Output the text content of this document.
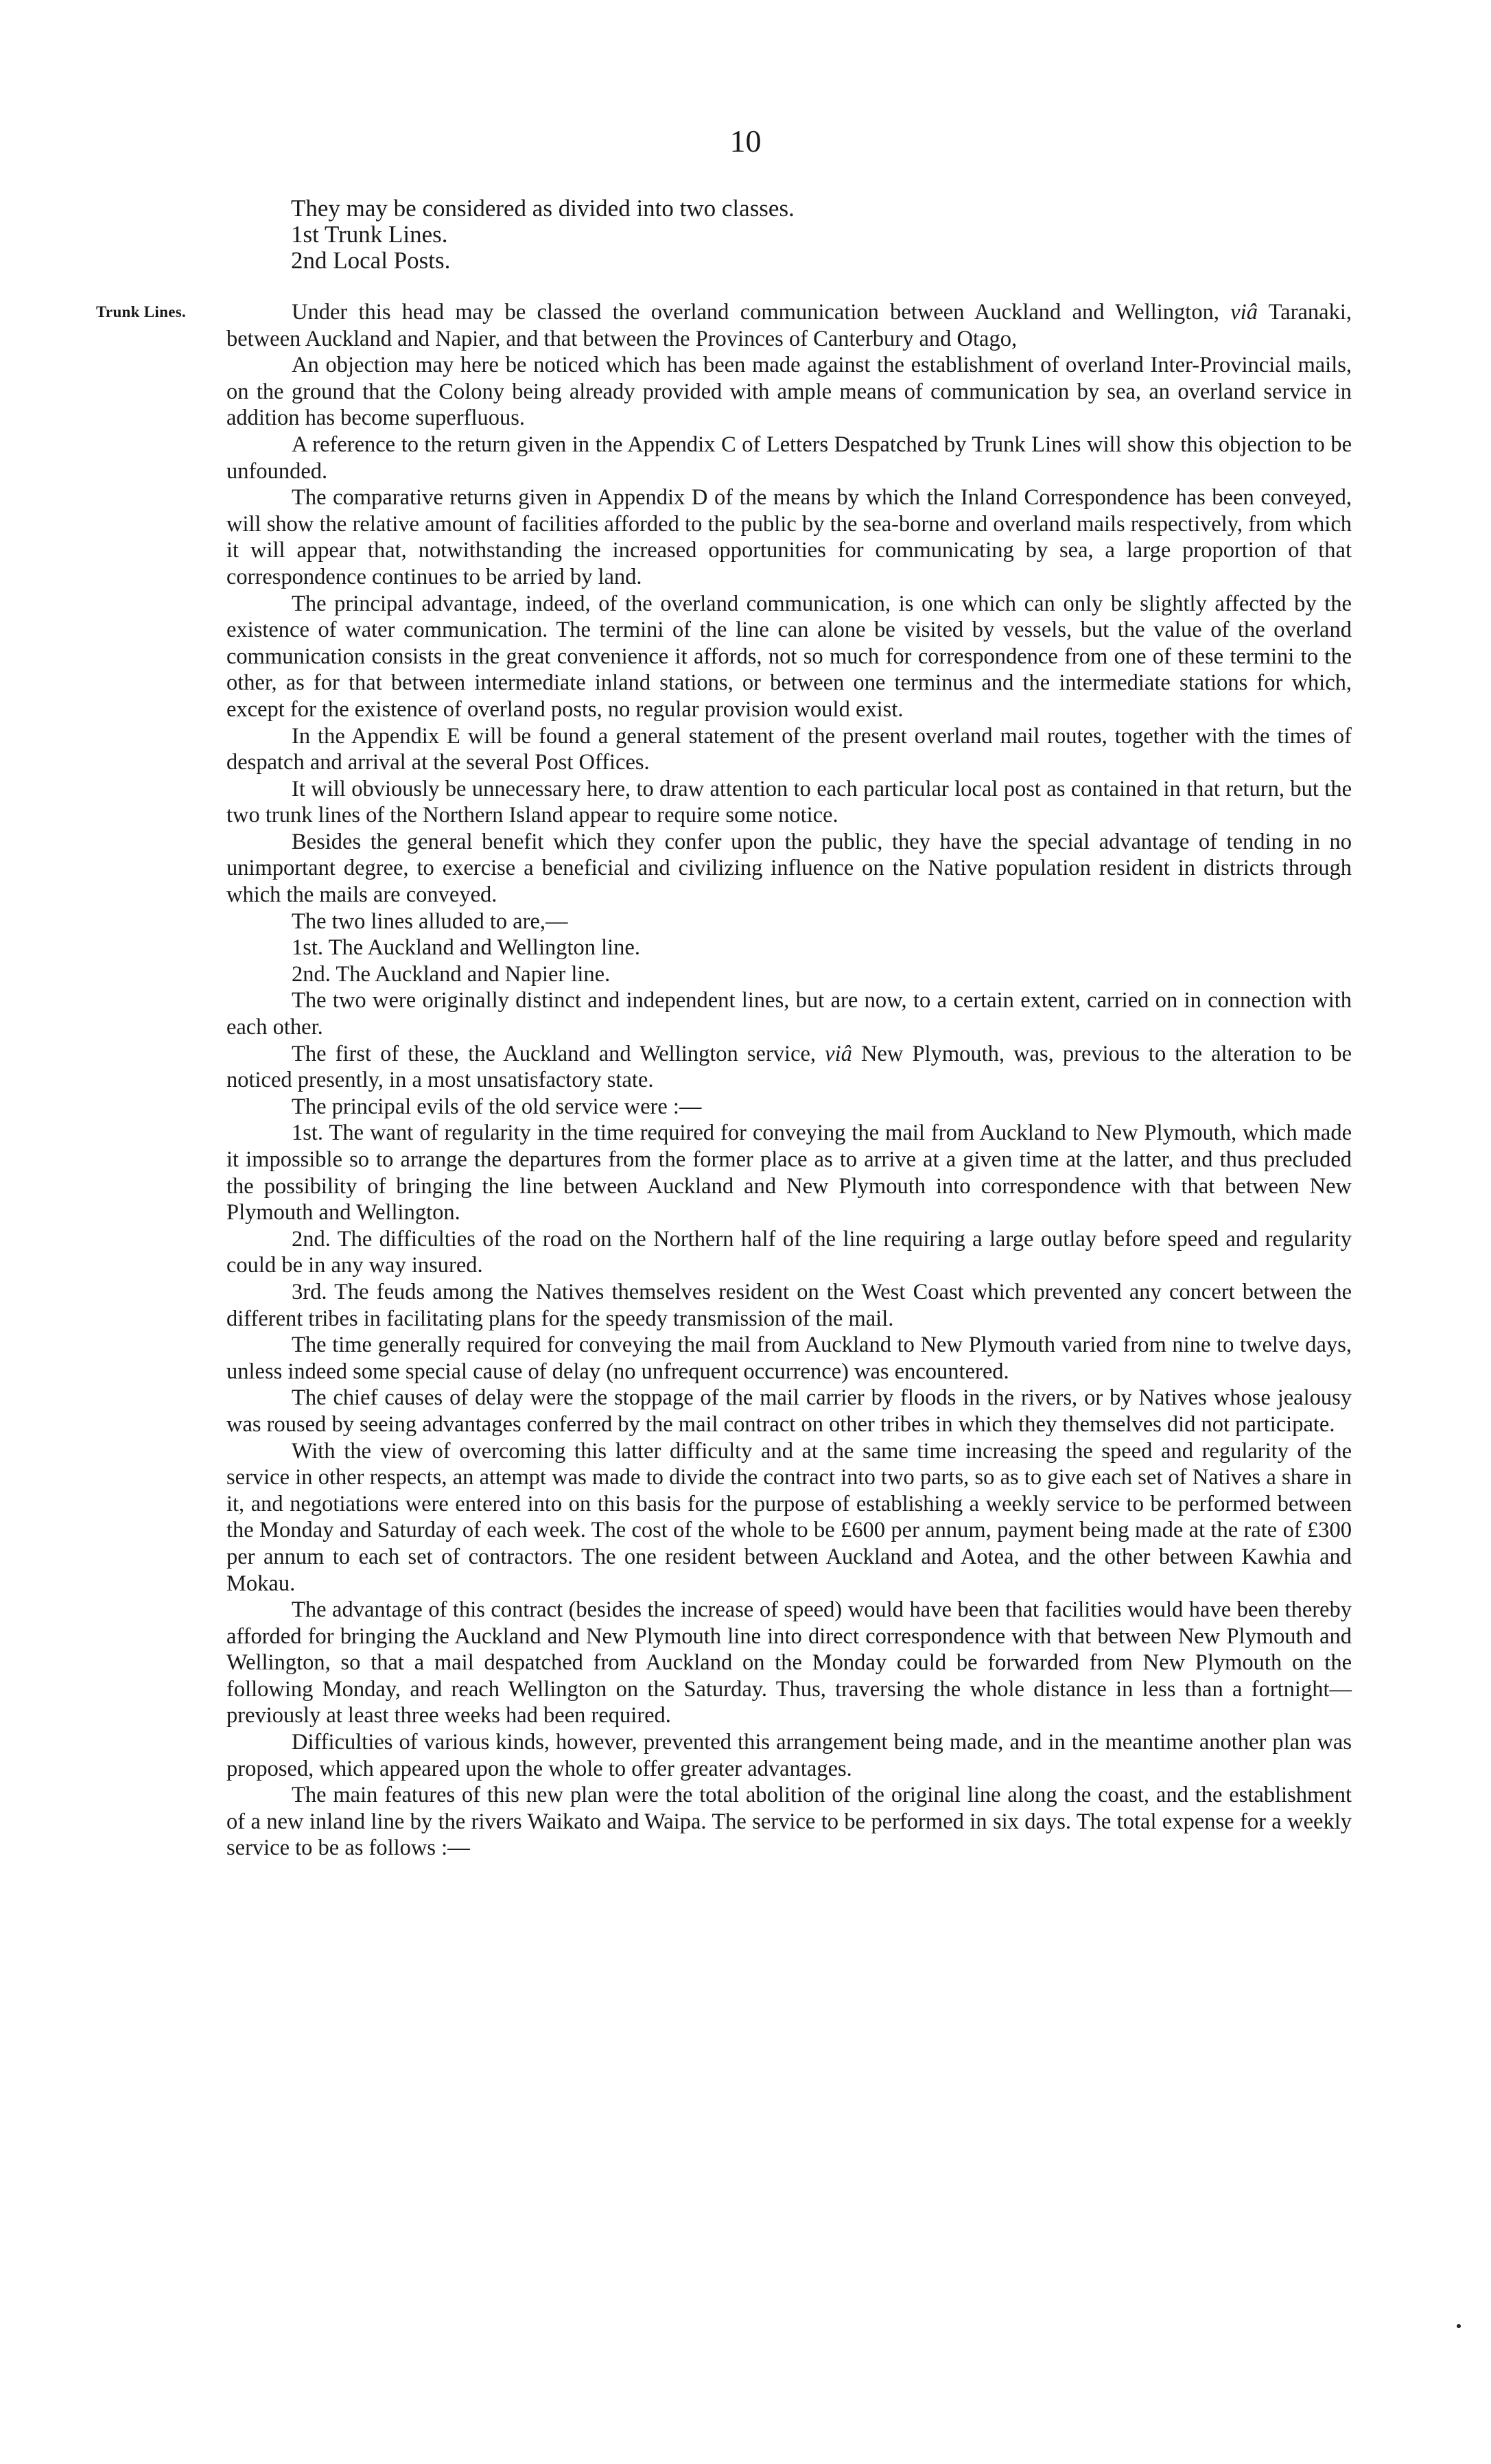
10
They may be considered as divided into two classes.
1st Trunk Lines.
2nd Local Posts.
Trunk Lines.	Under this head may be classed the overland communication between Auckland and Wellington, viâ Taranaki, between Auckland and Napier, and that between the Provinces of Canterbury and Otago,

An objection may here be noticed which has been made against the establishment of overland Inter-Provincial mails, on the ground that the Colony being already provided with ample means of communication by sea, an overland service in addition has become superfluous.

A reference to the return given in the Appendix C of Letters Despatched by Trunk Lines will show this objection to be unfounded.

The comparative returns given in Appendix D of the means by which the Inland Correspondence has been conveyed, will show the relative amount of facilities afforded to the public by the sea-borne and overland mails respectively, from which it will appear that, notwithstanding the increased opportunities for communicating by sea, a large proportion of that correspondence continues to be arried by land.

The principal advantage, indeed, of the overland communication, is one which can only be slightly affected by the existence of water communication. The termini of the line can alone be visited by vessels, but the value of the overland communication consists in the great convenience it affords, not so much for correspondence from one of these termini to the other, as for that between intermediate inland stations, or between one terminus and the intermediate stations for which, except for the existence of overland posts, no regular provision would exist.

In the Appendix E will be found a general statement of the present overland mail routes, together with the times of despatch and arrival at the several Post Offices.

It will obviously be unnecessary here, to draw attention to each particular local post as contained in that return, but the two trunk lines of the Northern Island appear to require some notice.

Besides the general benefit which they confer upon the public, they have the special advantage of tending in no unimportant degree, to exercise a beneficial and civilizing influence on the Native population resident in districts through which the mails are conveyed.

The two lines alluded to are,—

1st. The Auckland and Wellington line.

2nd. The Auckland and Napier line.

The two were originally distinct and independent lines, but are now, to a certain extent, carried on in connection with each other.

The first of these, the Auckland and Wellington service, viâ New Plymouth, was, previous to the alteration to be noticed presently, in a most unsatisfactory state.

The principal evils of the old service were :—

1st. The want of regularity in the time required for conveying the mail from Auckland to New Plymouth, which made it impossible so to arrange the departures from the former place as to arrive at a given time at the latter, and thus precluded the possibility of bringing the line between Auckland and New Plymouth into correspondence with that between New Plymouth and Wellington.

2nd. The difficulties of the road on the Northern half of the line requiring a large outlay before speed and regularity could be in any way insured.

3rd. The feuds among the Natives themselves resident on the West Coast which prevented any concert between the different tribes in facilitating plans for the speedy transmission of the mail.

The time generally required for conveying the mail from Auckland to New Plymouth varied from nine to twelve days, unless indeed some special cause of delay (no unfrequent occurrence) was encountered.

The chief causes of delay were the stoppage of the mail carrier by floods in the rivers, or by Natives whose jealousy was roused by seeing advantages conferred by the mail contract on other tribes in which they themselves did not participate.

With the view of overcoming this latter difficulty and at the same time increasing the speed and regularity of the service in other respects, an attempt was made to divide the contract into two parts, so as to give each set of Natives a share in it, and negotiations were entered into on this basis for the purpose of establishing a weekly service to be performed between the Monday and Saturday of each week. The cost of the whole to be £600 per annum, payment being made at the rate of £300 per annum to each set of contractors. The one resident between Auckland and Aotea, and the other between Kawhia and Mokau.

The advantage of this contract (besides the increase of speed) would have been that facilities would have been thereby afforded for bringing the Auckland and New Plymouth line into direct correspondence with that between New Plymouth and Wellington, so that a mail despatched from Auckland on the Monday could be forwarded from New Plymouth on the following Monday, and reach Wellington on the Saturday. Thus, traversing the whole distance in less than a fortnight—previously at least three weeks had been required.

Difficulties of various kinds, however, prevented this arrangement being made, and in the meantime another plan was proposed, which appeared upon the whole to offer greater advantages.

The main features of this new plan were the total abolition of the original line along the coast, and the establishment of a new inland line by the rivers Waikato and Waipa. The service to be performed in six days. The total expense for a weekly service to be as follows :—
